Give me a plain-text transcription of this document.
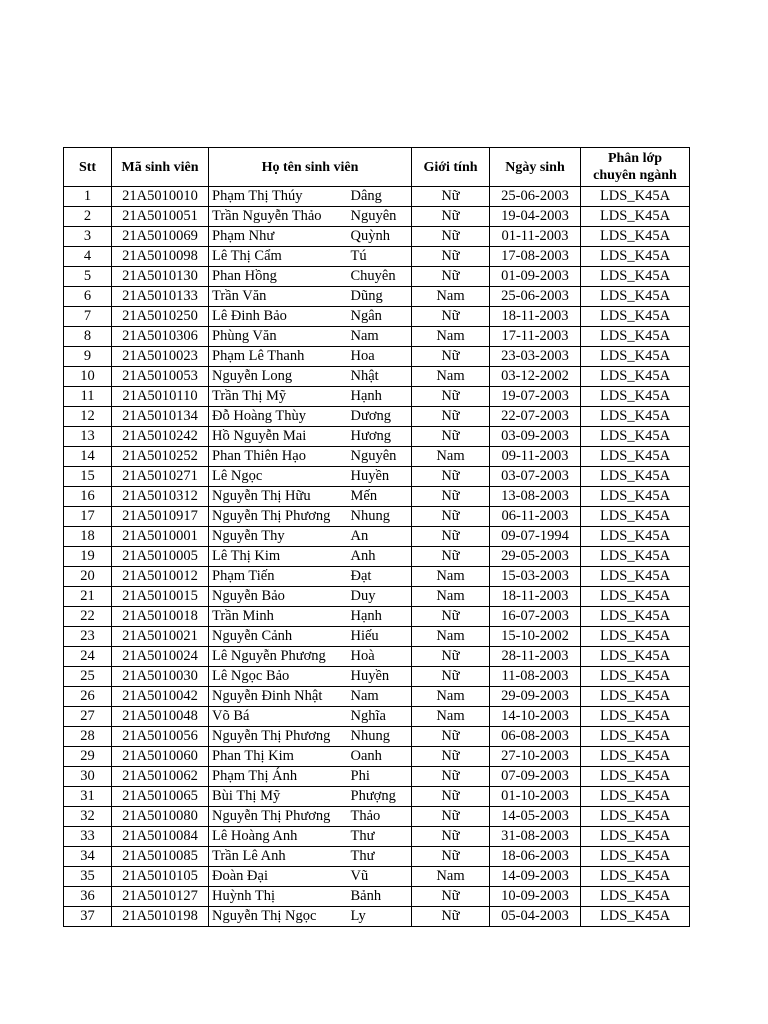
Stt	Mã sinh viên	Họ tên sinh viên		Giới tính	Ngày sinh	Phân lớp
chuyên ngành
1	21A5010010	Phạm Thị Thúy	Dâng	Nữ	25-06-2003	LDS_K45A
2	21A5010051	Trần Nguyễn Thảo	Nguyên	Nữ	19-04-2003	LDS_K45A
3	21A5010069	Phạm Như	Quỳnh	Nữ	01-11-2003	LDS_K45A
4	21A5010098	Lê Thị Cẩm	Tú	Nữ	17-08-2003	LDS_K45A
5	21A5010130	Phan Hồng	Chuyên	Nữ	01-09-2003	LDS_K45A
6	21A5010133	Trần Văn	Dũng	Nam	25-06-2003	LDS_K45A
7	21A5010250	Lê Đinh Bảo	Ngân	Nữ	18-11-2003	LDS_K45A
8	21A5010306	Phùng Văn	Nam	Nam	17-11-2003	LDS_K45A
9	21A5010023	Phạm Lê Thanh	Hoa	Nữ	23-03-2003	LDS_K45A
10	21A5010053	Nguyễn Long	Nhật	Nam	03-12-2002	LDS_K45A
11	21A5010110	Trần Thị Mỹ	Hạnh	Nữ	19-07-2003	LDS_K45A
12	21A5010134	Đỗ Hoàng Thùy	Dương	Nữ	22-07-2003	LDS_K45A
13	21A5010242	Hồ Nguyễn Mai	Hương	Nữ	03-09-2003	LDS_K45A
14	21A5010252	Phan Thiên Hạo	Nguyên	Nam	09-11-2003	LDS_K45A
15	21A5010271	Lê Ngọc	Huyền	Nữ	03-07-2003	LDS_K45A
16	21A5010312	Nguyễn Thị Hữu	Mến	Nữ	13-08-2003	LDS_K45A
17	21A5010917	Nguyễn Thị Phương	Nhung	Nữ	06-11-2003	LDS_K45A
18	21A5010001	Nguyễn Thy	An	Nữ	09-07-1994	LDS_K45A
19	21A5010005	Lê Thị Kim	Anh	Nữ	29-05-2003	LDS_K45A
20	21A5010012	Phạm Tiến	Đạt	Nam	15-03-2003	LDS_K45A
21	21A5010015	Nguyễn Bảo	Duy	Nam	18-11-2003	LDS_K45A
22	21A5010018	Trần Minh	Hạnh	Nữ	16-07-2003	LDS_K45A
23	21A5010021	Nguyễn Cảnh	Hiếu	Nam	15-10-2002	LDS_K45A
24	21A5010024	Lê Nguyễn Phương	Hoà	Nữ	28-11-2003	LDS_K45A
25	21A5010030	Lê Ngọc Bảo	Huyền	Nữ	11-08-2003	LDS_K45A
26	21A5010042	Nguyễn Đinh Nhật	Nam	Nam	29-09-2003	LDS_K45A
27	21A5010048	Võ Bá	Nghĩa	Nam	14-10-2003	LDS_K45A
28	21A5010056	Nguyễn Thị Phương	Nhung	Nữ	06-08-2003	LDS_K45A
29	21A5010060	Phan Thị Kim	Oanh	Nữ	27-10-2003	LDS_K45A
30	21A5010062	Phạm Thị Ánh	Phi	Nữ	07-09-2003	LDS_K45A
31	21A5010065	Bùi Thị Mỹ	Phượng	Nữ	01-10-2003	LDS_K45A
32	21A5010080	Nguyễn Thị Phương	Thảo	Nữ	14-05-2003	LDS_K45A
33	21A5010084	Lê Hoàng Anh	Thư	Nữ	31-08-2003	LDS_K45A
34	21A5010085	Trần Lê Anh	Thư	Nữ	18-06-2003	LDS_K45A
35	21A5010105	Đoàn Đại	Vũ	Nam	14-09-2003	LDS_K45A
36	21A5010127	Huỳnh Thị	Bảnh	Nữ	10-09-2003	LDS_K45A
37	21A5010198	Nguyễn Thị Ngọc	Ly	Nữ	05-04-2003	LDS_K45A
